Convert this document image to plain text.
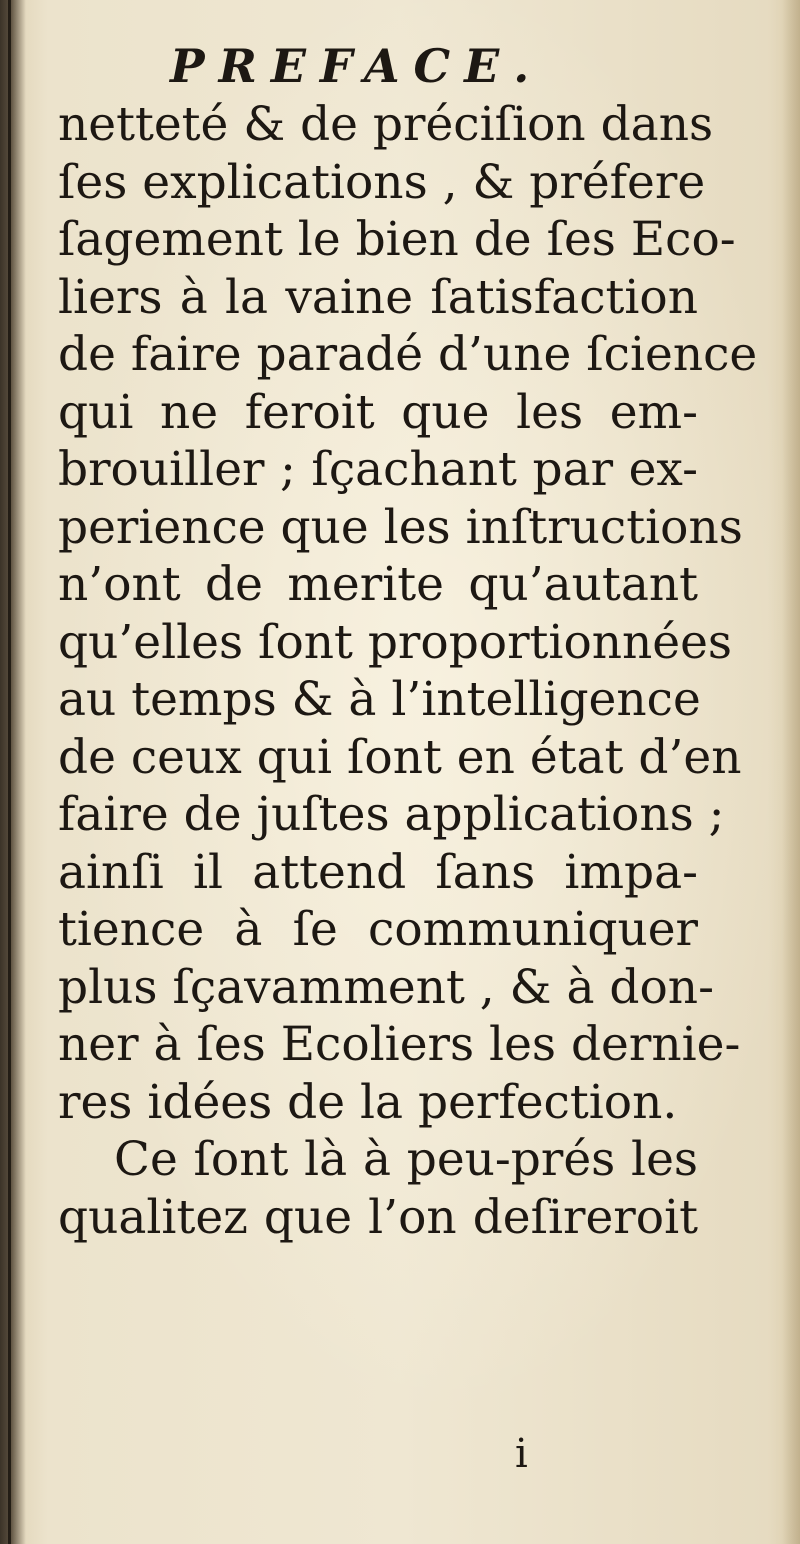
PREFACE.
netteté & de préciſion dans
ſes explications , & préfere
ſagement le bien de ſes Eco-
liers à la vaine ſatisfaction
de faire paradé d’une ſcience
qui ne feroit que les em-
brouiller ; ſçachant par ex-
perience que les inſtructions
n’ont de merite qu’autant
qu’elles ſont proportionnées
au temps & à l’intelligence
de ceux qui ſont en état d’en
faire de juſtes applications ;
ainſi il attend ſans impa-
tience à ſe communiquer
plus ſçavamment , & à don-
ner à ſes Ecoliers les dernie-
res idées de la perfection.
Ce ſont là à peu-prés les
qualitez que l’on deſireroit
i
